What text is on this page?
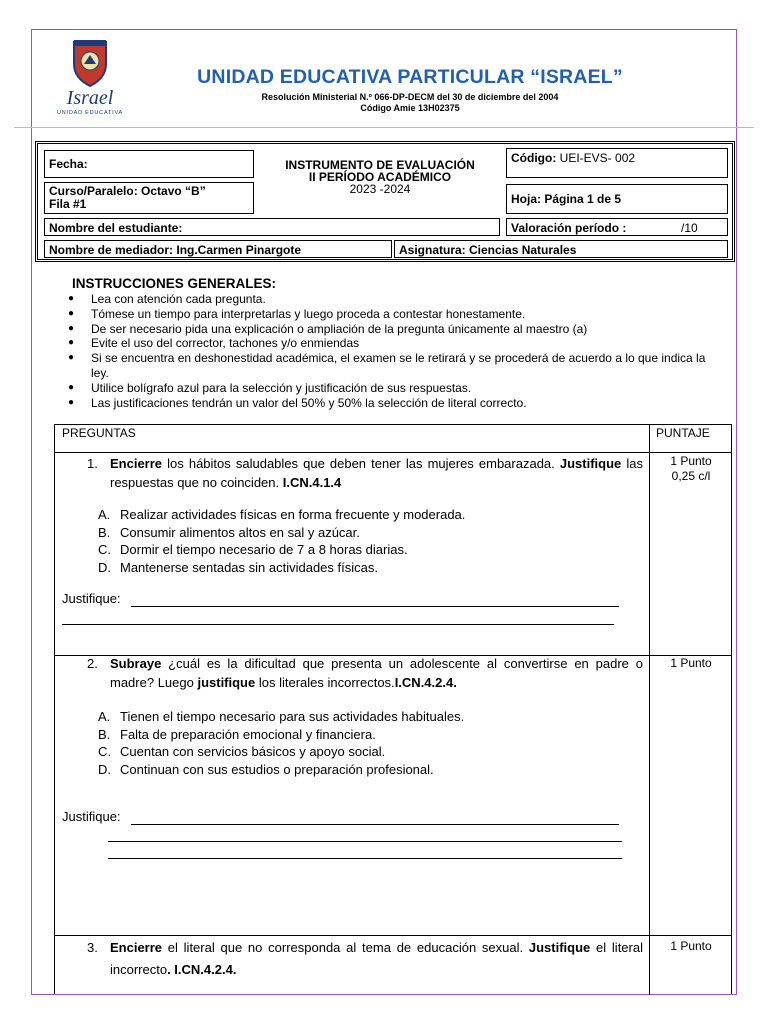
Israel
UNIDAD EDUCATIVA
UNIDAD EDUCATIVA PARTICULAR “ISRAEL”
Resolución Ministerial N.º 066-DP-DECM del 30 de diciembre del 2004
Código Amie 13H02375
Fecha:
Curso/Paralelo: Octavo “B”
Fila #1
INSTRUMENTO DE EVALUACIÓN
II PERÍODO ACADÉMICO
2023 -2024
Código: UEI-EVS- 002
Hoja: Página 1 de 5
Nombre del estudiante:	Valoración período :	/10
Nombre de mediador: Ing.Carmen Pinargote	Asignatura: Ciencias Naturales
INSTRUCCIONES GENERALES:
● Lea con atención cada pregunta.
● Tómese un tiempo para interpretarlas y luego proceda a contestar honestamente.
● De ser necesario pida una explicación o ampliación de la pregunta únicamente al maestro (a)
● Evite el uso del corrector, tachones y/o enmiendas
● Si se encuentra en deshonestidad académica, el examen se le retirará y se procederá de acuerdo a lo que indica la ley.
● Utilice bolígrafo azul para la selección y justificación de sus respuestas.
● Las justificaciones tendrán un valor del 50% y 50% la selección de literal correcto.
PREGUNTAS	PUNTAJE
1. Encierre los hábitos saludables que deben tener las mujeres embarazada. Justifique las respuestas que no coinciden. I.CN.4.1.4
A. Realizar actividades físicas en forma frecuente y moderada.
B. Consumir alimentos altos en sal y azúcar.
C. Dormir el tiempo necesario de 7 a 8 horas diarias.
D. Mantenerse sentadas sin actividades físicas.
Justifique:
1 Punto
0,25 c/l
2. Subraye ¿cuál es la dificultad que presenta un adolescente al convertirse en padre o madre? Luego justifique los literales incorrectos.I.CN.4.2.4.
A. Tienen el tiempo necesario para sus actividades habituales.
B. Falta de preparación emocional y financiera.
C. Cuentan con servicios básicos y apoyo social.
D. Continuan con sus estudios o preparación profesional.
Justifique:
1 Punto
3. Encierre el literal que no corresponda al tema de educación sexual. Justifique el literal incorrecto. I.CN.4.2.4.
1 Punto
